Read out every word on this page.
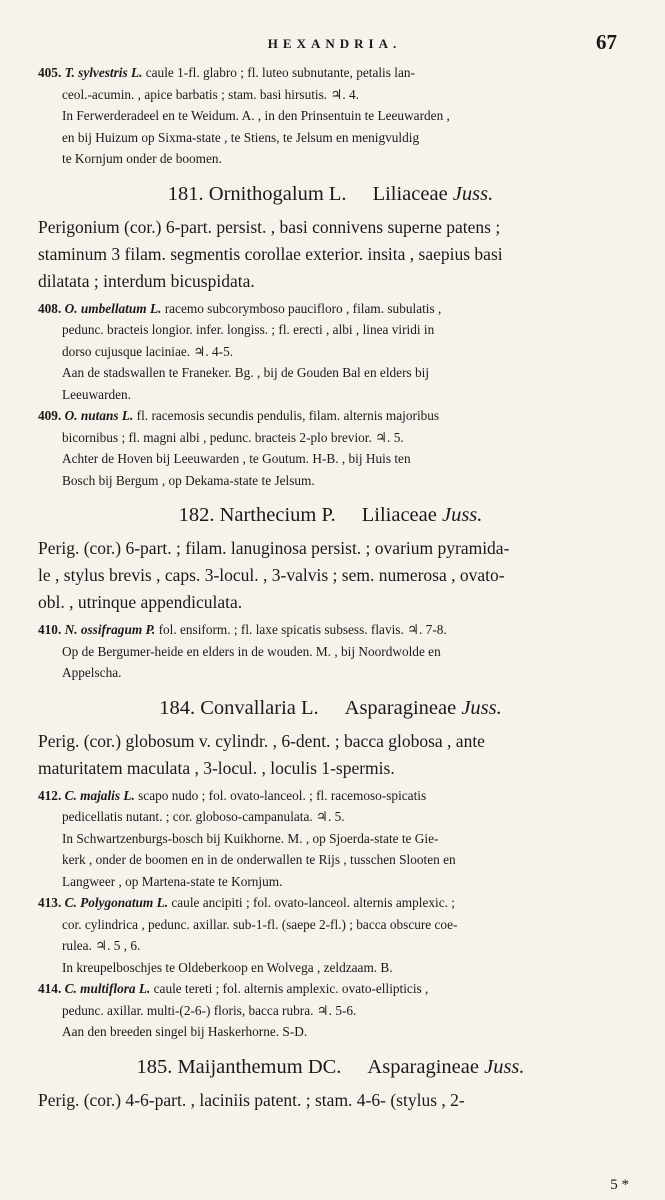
HEXANDRIA.	67

405. T. sylvestris L. caule 1-fl. glabro ; fl. luteo subnutante, petalis lan-

ceol.-acumin. , apice barbatis ; stam. basi hirsutis. ♃. 4.

In Ferwerderadeel en te Weidum. A. , in den Prinsentuin te Leeuwarden ,

en bij Huizum op Sixma-state , te Stiens, te Jelsum en menigvuldig

te Kornjum onder de boomen.

181. Ornithogalum L. Liliaceae Juss.

Perigonium (cor.) 6-part. persist. , basi connivens superne patens ;
staminum 3 filam. segmentis corollae exterior. insita , saepius basi
dilatata ; interdum bicuspidata.

408. O. umbellatum L. racemo subcorymboso paucifloro , filam. subulatis ,

pedunc. bracteis longior. infer. longiss. ; fl. erecti , albi , linea viridi in

dorso cujusque laciniae. ♃. 4-5.

Aan de stadswallen te Franeker. Bg. , bij de Gouden Bal en elders bij

Leeuwarden.

409. O. nutans L. fl. racemosis secundis pendulis, filam. alternis majoribus

bicornibus ; fl. magni albi , pedunc. bracteis 2-plo brevior. ♃. 5.

Achter de Hoven bij Leeuwarden , te Goutum. H-B. , bij Huis ten

Bosch bij Bergum , op Dekama-state te Jelsum.

182. Narthecium P. Liliaceae Juss.

Perig. (cor.) 6-part. ; filam. lanuginosa persist. ; ovarium pyramida-
le , stylus brevis , caps. 3-locul. , 3-valvis ; sem. numerosa , ovato-
obl. , utrinque appendiculata.

410. N. ossifragum P. fol. ensiform. ; fl. laxe spicatis subsess. flavis. ♃. 7-8.

Op de Bergumer-heide en elders in de wouden. M. , bij Noordwolde en

Appelscha.

184. Convallaria L. Asparagineae Juss.

Perig. (cor.) globosum v. cylindr. , 6-dent. ; bacca globosa , ante
maturitatem maculata , 3-locul. , loculis 1-spermis.

412. C. majalis L. scapo nudo ; fol. ovato-lanceol. ; fl. racemoso-spicatis

pedicellatis nutant. ; cor. globoso-campanulata. ♃. 5.

In Schwartzenburgs-bosch bij Kuikhorne. M. , op Sjoerda-state te Gie-

kerk , onder de boomen en in de onderwallen te Rijs , tusschen Slooten en

Langweer , op Martena-state te Kornjum.

413. C. Polygonatum L. caule ancipiti ; fol. ovato-lanceol. alternis amplexic. ;

cor. cylindrica , pedunc. axillar. sub-1-fl. (saepe 2-fl.) ; bacca obscure coe-

rulea. ♃. 5 , 6.

In kreupelboschjes te Oldeberkoop en Wolvega , zeldzaam. B.

414. C. multiflora L. caule tereti ; fol. alternis amplexic. ovato-ellipticis ,

pedunc. axillar. multi-(2-6-) floris, bacca rubra. ♃. 5-6.

Aan den breeden singel bij Haskerhorne. S-D.

185. Maijanthemum DC. Asparagineae Juss.

Perig. (cor.) 4-6-part. , laciniis patent. ; stam. 4-6- (stylus , 2-

5 *
